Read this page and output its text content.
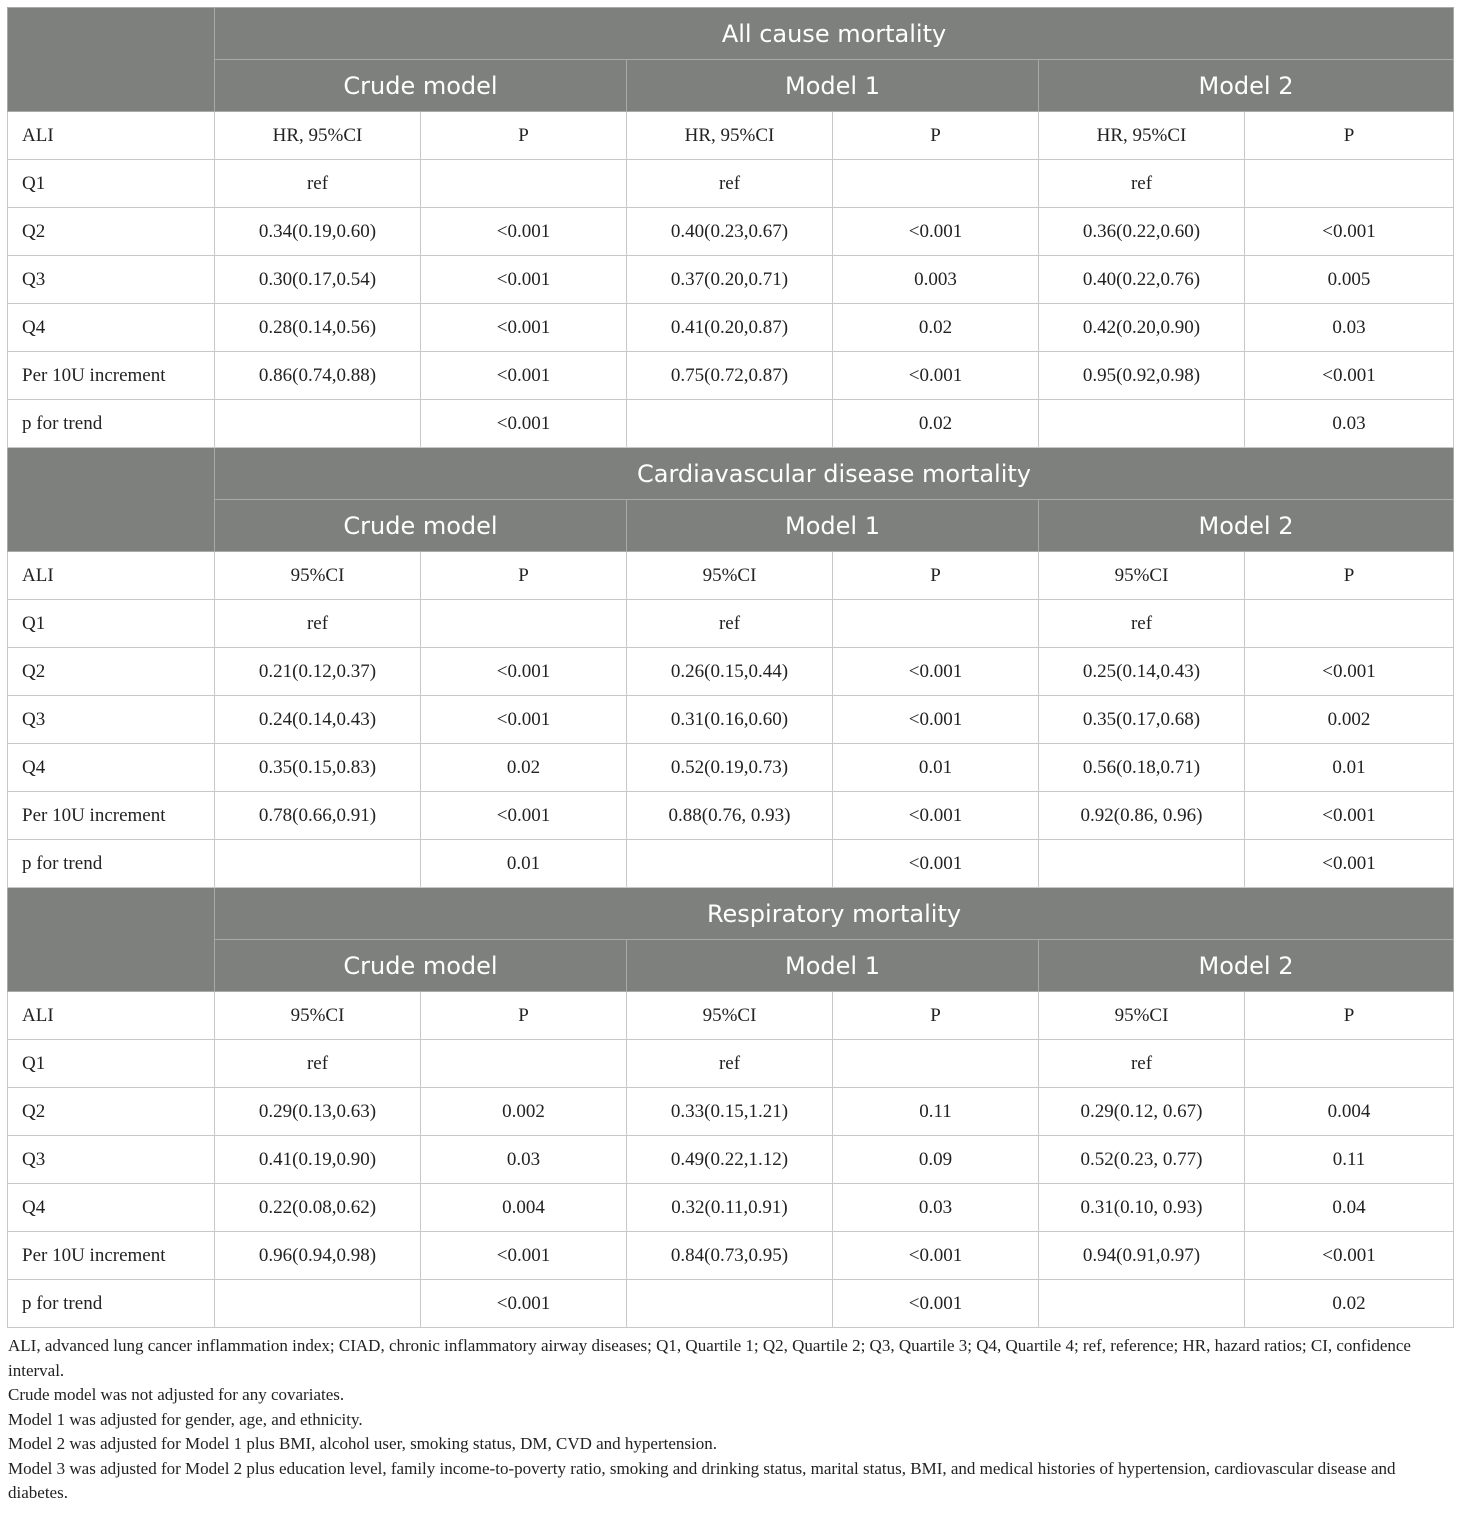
	All cause mortality					
	Crude model		Model 1		Model 2	
ALI	HR, 95%CI	P	HR, 95%CI	P	HR, 95%CI	P
Q1	ref		ref		ref	
Q2	0.34(0.19,0.60)	<0.001	0.40(0.23,0.67)	<0.001	0.36(0.22,0.60)	<0.001
Q3	0.30(0.17,0.54)	<0.001	0.37(0.20,0.71)	0.003	0.40(0.22,0.76)	0.005
Q4	0.28(0.14,0.56)	<0.001	0.41(0.20,0.87)	0.02	0.42(0.20,0.90)	0.03
Per 10U increment	0.86(0.74,0.88)	<0.001	0.75(0.72,0.87)	<0.001	0.95(0.92,0.98)	<0.001
p for trend		<0.001		0.02		0.03
	Cardiavascular disease mortality					
	Crude model		Model 1		Model 2	
ALI	95%CI	P	95%CI	P	95%CI	P
Q1	ref		ref		ref	
Q2	0.21(0.12,0.37)	<0.001	0.26(0.15,0.44)	<0.001	0.25(0.14,0.43)	<0.001
Q3	0.24(0.14,0.43)	<0.001	0.31(0.16,0.60)	<0.001	0.35(0.17,0.68)	0.002
Q4	0.35(0.15,0.83)	0.02	0.52(0.19,0.73)	0.01	0.56(0.18,0.71)	0.01
Per 10U increment	0.78(0.66,0.91)	<0.001	0.88(0.76, 0.93)	<0.001	0.92(0.86, 0.96)	<0.001
p for trend		0.01		<0.001		<0.001
	Respiratory mortality					
	Crude model		Model 1		Model 2	
ALI	95%CI	P	95%CI	P	95%CI	P
Q1	ref		ref		ref	
Q2	0.29(0.13,0.63)	0.002	0.33(0.15,1.21)	0.11	0.29(0.12, 0.67)	0.004
Q3	0.41(0.19,0.90)	0.03	0.49(0.22,1.12)	0.09	0.52(0.23, 0.77)	0.11
Q4	0.22(0.08,0.62)	0.004	0.32(0.11,0.91)	0.03	0.31(0.10, 0.93)	0.04
Per 10U increment	0.96(0.94,0.98)	<0.001	0.84(0.73,0.95)	<0.001	0.94(0.91,0.97)	<0.001
p for trend		<0.001		<0.001		0.02

ALI, advanced lung cancer inflammation index; CIAD, chronic inflammatory airway diseases; Q1, Quartile 1; Q2, Quartile 2; Q3, Quartile 3; Q4, Quartile 4; ref, reference; HR, hazard ratios; CI, confidence interval.

Crude model was not adjusted for any covariates.

Model 1 was adjusted for gender, age, and ethnicity.

Model 2 was adjusted for Model 1 plus BMI, alcohol user, smoking status, DM, CVD and hypertension.

Model 3 was adjusted for Model 2 plus education level, family income-to-poverty ratio, smoking and drinking status, marital status, BMI, and medical histories of hypertension, cardiovascular disease and diabetes.
